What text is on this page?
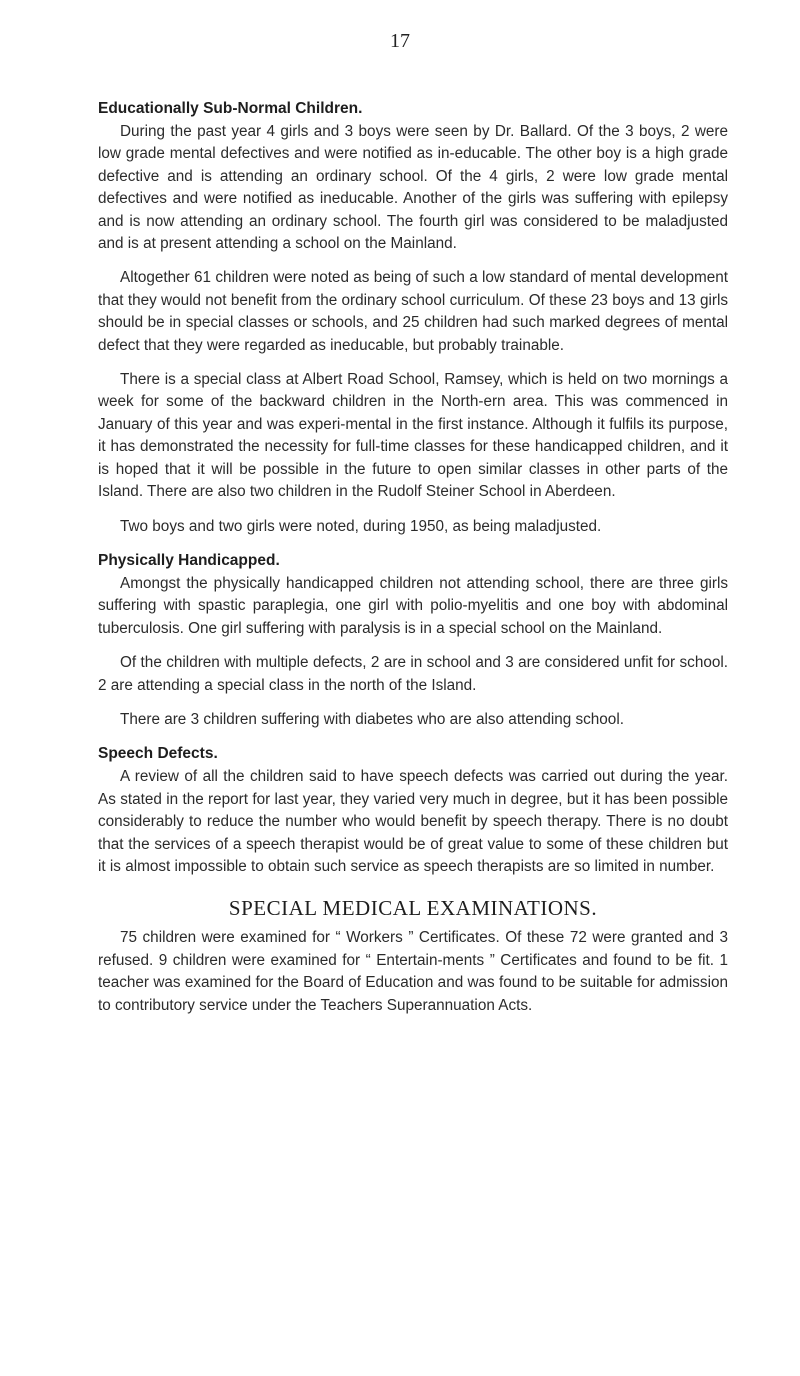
17
Educationally Sub-Normal Children.

During the past year 4 girls and 3 boys were seen by Dr. Ballard. Of the 3 boys, 2 were low grade mental defectives and were notified as in-educable. The other boy is a high grade defective and is attending an ordinary school. Of the 4 girls, 2 were low grade mental defectives and were notified as ineducable. Another of the girls was suffering with epilepsy and is now attending an ordinary school. The fourth girl was considered to be maladjusted and is at present attending a school on the Mainland.

Altogether 61 children were noted as being of such a low standard of mental development that they would not benefit from the ordinary school curriculum. Of these 23 boys and 13 girls should be in special classes or schools, and 25 children had such marked degrees of mental defect that they were regarded as ineducable, but probably trainable.

There is a special class at Albert Road School, Ramsey, which is held on two mornings a week for some of the backward children in the North-ern area. This was commenced in January of this year and was experi-mental in the first instance. Although it fulfils its purpose, it has demonstrated the necessity for full-time classes for these handicapped children, and it is hoped that it will be possible in the future to open similar classes in other parts of the Island. There are also two children in the Rudolf Steiner School in Aberdeen.

Two boys and two girls were noted, during 1950, as being maladjusted.

Physically Handicapped.

Amongst the physically handicapped children not attending school, there are three girls suffering with spastic paraplegia, one girl with polio-myelitis and one boy with abdominal tuberculosis. One girl suffering with paralysis is in a special school on the Mainland.

Of the children with multiple defects, 2 are in school and 3 are considered unfit for school. 2 are attending a special class in the north of the Island.

There are 3 children suffering with diabetes who are also attending school.

Speech Defects.

A review of all the children said to have speech defects was carried out during the year. As stated in the report for last year, they varied very much in degree, but it has been possible considerably to reduce the number who would benefit by speech therapy. There is no doubt that the services of a speech therapist would be of great value to some of these children but it is almost impossible to obtain such service as speech therapists are so limited in number.

SPECIAL MEDICAL EXAMINATIONS.

75 children were examined for “ Workers ” Certificates. Of these 72 were granted and 3 refused. 9 children were examined for “ Entertain-ments ” Certificates and found to be fit. 1 teacher was examined for the Board of Education and was found to be suitable for admission to contributory service under the Teachers Superannuation Acts.
